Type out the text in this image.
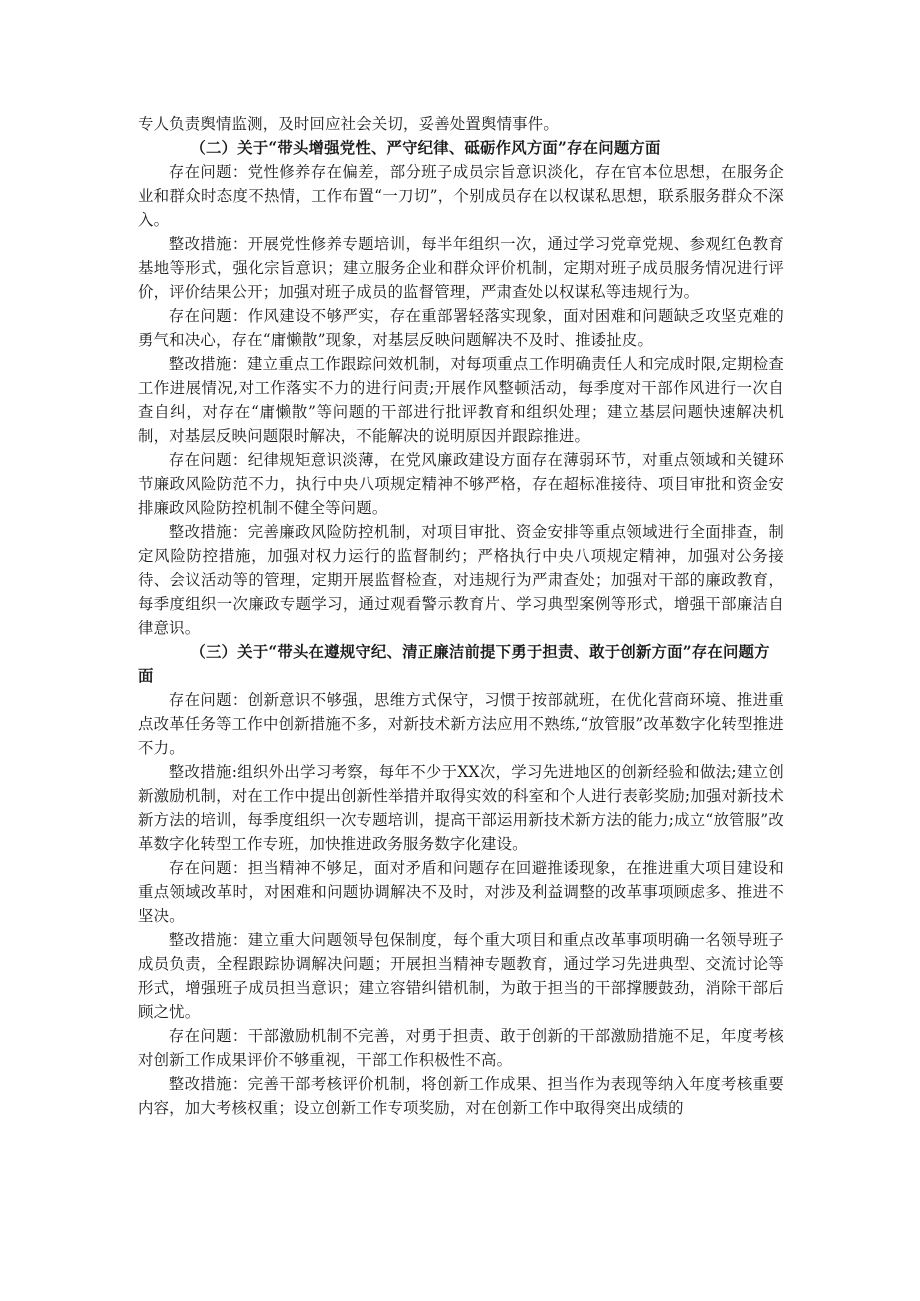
专人负责舆情监测，及时回应社会关切，妥善处置舆情事件。

（二）关于“带头增强党性、严守纪律、砥砺作风方面”存在问题方面

存在问题：党性修养存在偏差，部分班子成员宗旨意识淡化，存在官本位思想，在服务企业和群众时态度不热情，工作布置“一刀切”，个别成员存在以权谋私思想，联系服务群众不深入。

整改措施：开展党性修养专题培训，每半年组织一次，通过学习党章党规、参观红色教育基地等形式，强化宗旨意识；建立服务企业和群众评价机制，定期对班子成员服务情况进行评价，评价结果公开；加强对班子成员的监督管理，严肃查处以权谋私等违规行为。

存在问题：作风建设不够严实，存在重部署轻落实现象，面对困难和问题缺乏攻坚克难的勇气和决心，存在“庸懒散”现象，对基层反映问题解决不及时、推诿扯皮。

整改措施：建立重点工作跟踪问效机制，对每项重点工作明确责任人和完成时限,定期检查工作进展情况,对工作落实不力的进行问责;开展作风整顿活动，每季度对干部作风进行一次自查自纠，对存在“庸懒散”等问题的干部进行批评教育和组织处理；建立基层问题快速解决机制，对基层反映问题限时解决，不能解决的说明原因并跟踪推进。

存在问题：纪律规矩意识淡薄，在党风廉政建设方面存在薄弱环节，对重点领域和关键环节廉政风险防范不力，执行中央八项规定精神不够严格，存在超标准接待、项目审批和资金安排廉政风险防控机制不健全等问题。

整改措施：完善廉政风险防控机制，对项目审批、资金安排等重点领域进行全面排查，制定风险防控措施，加强对权力运行的监督制约；严格执行中央八项规定精神，加强对公务接待、会议活动等的管理，定期开展监督检查，对违规行为严肃查处；加强对干部的廉政教育，每季度组织一次廉政专题学习，通过观看警示教育片、学习典型案例等形式，增强干部廉洁自律意识。

（三）关于“带头在遵规守纪、清正廉洁前提下勇于担责、敢于创新方面”存在问题方面

存在问题：创新意识不够强，思维方式保守，习惯于按部就班，在优化营商环境、推进重点改革任务等工作中创新措施不多，对新技术新方法应用不熟练,“放管服”改革数字化转型推进不力。

整改措施:组织外出学习考察，每年不少于XX次，学习先进地区的创新经验和做法;建立创新激励机制，对在工作中提出创新性举措并取得实效的科室和个人进行表彰奖励;加强对新技术新方法的培训，每季度组织一次专题培训，提高干部运用新技术新方法的能力;成立“放管服”改革数字化转型工作专班，加快推进政务服务数字化建设。

存在问题：担当精神不够足，面对矛盾和问题存在回避推诿现象，在推进重大项目建设和重点领域改革时，对困难和问题协调解决不及时，对涉及利益调整的改革事项顾虑多、推进不坚决。

整改措施：建立重大问题领导包保制度，每个重大项目和重点改革事项明确一名领导班子成员负责，全程跟踪协调解决问题；开展担当精神专题教育，通过学习先进典型、交流讨论等形式，增强班子成员担当意识；建立容错纠错机制，为敢于担当的干部撑腰鼓劲，消除干部后顾之忧。

存在问题：干部激励机制不完善，对勇于担责、敢于创新的干部激励措施不足，年度考核对创新工作成果评价不够重视，干部工作积极性不高。

整改措施：完善干部考核评价机制，将创新工作成果、担当作为表现等纳入年度考核重要内容，加大考核权重；设立创新工作专项奖励，对在创新工作中取得突出成绩的
